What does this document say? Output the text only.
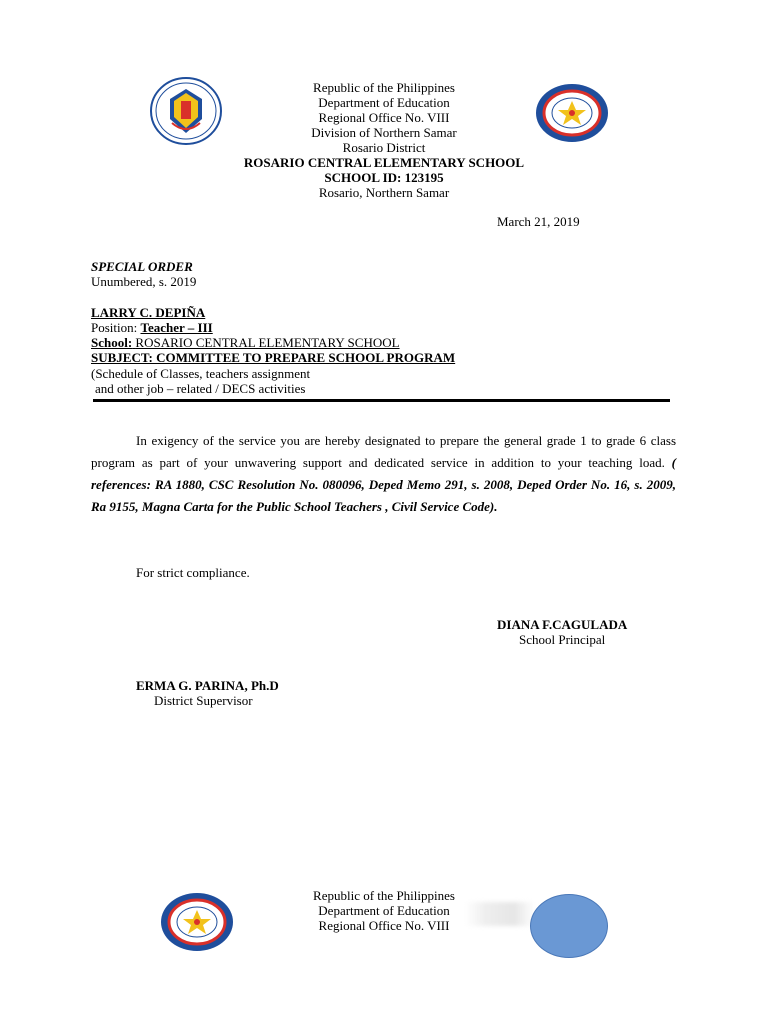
Republic of the Philippines
Department of Education
Regional Office No. VIII
Division of Northern Samar
Rosario District
ROSARIO CENTRAL ELEMENTARY SCHOOL
SCHOOL ID: 123195
Rosario, Northern Samar
March 21, 2019
SPECIAL ORDER
Unumbered, s. 2019
LARRY C. DEPIÑA
Position: Teacher – III
School: ROSARIO CENTRAL ELEMENTARY SCHOOL
SUBJECT: COMMITTEE TO PREPARE SCHOOL PROGRAM
(Schedule of Classes, teachers assignment
and other job – related / DECS activities
In exigency of the service you are hereby designated to prepare the general grade 1 to grade 6 class program as part of your unwavering support and dedicated service in addition to your teaching load. ( references: RA 1880, CSC Resolution No. 080096, Deped Memo 291, s. 2008, Deped Order No. 16, s. 2009, Ra 9155, Magna Carta for the Public School Teachers , Civil Service Code).
For strict compliance.
DIANA F.CAGULADA
School Principal
ERMA G. PARINA, Ph.D
District Supervisor
Republic of the Philippines
Department of Education
Regional Office No. VIII
